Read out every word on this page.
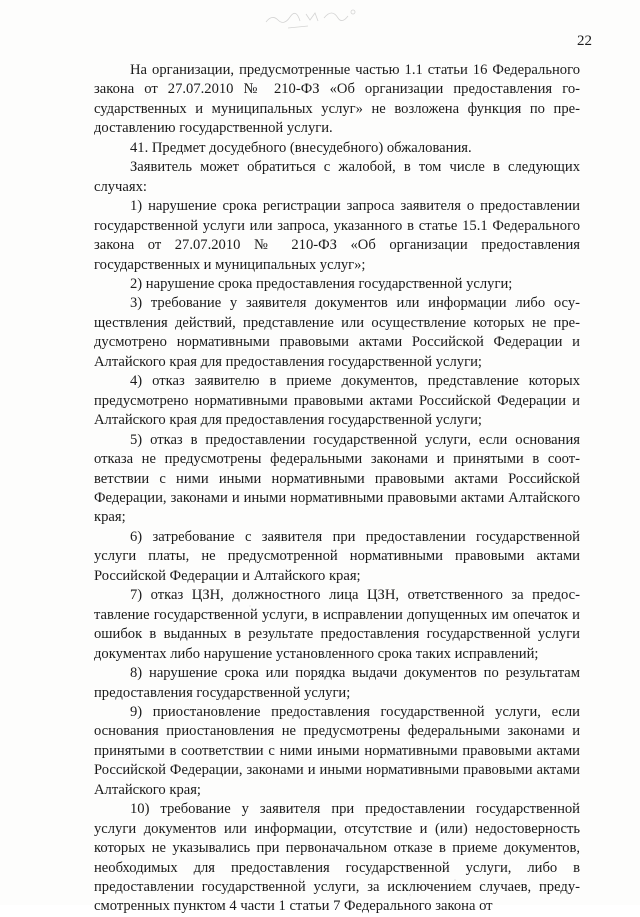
22

На организации, предусмотренные частью 1.1 статьи 16 Федерального закона от 27.07.2010 № 210-ФЗ «Об организации предоставления государственных и муниципальных услуг» не возложена функция по предоставлению государственной услуги.

41. Предмет досудебного (внесудебного) обжалования.

Заявитель может обратиться с жалобой, в том числе в следующих случаях:

1) нарушение срока регистрации запроса заявителя о предоставлении государственной услуги или запроса, указанного в статье 15.1 Федерального закона от 27.07.2010 № 210-ФЗ «Об организации предоставления государственных и муниципальных услуг»;

2) нарушение срока предоставления государственной услуги;

3) требование у заявителя документов или информации либо осуществления действий, представление или осуществление которых не предусмотрено нормативными правовыми актами Российской Федерации и Алтайского края для предоставления государственной услуги;

4) отказ заявителю в приеме документов, представление которых предусмотрено нормативными правовыми актами Российской Федерации и Алтайского края для предоставления государственной услуги;

5) отказ в предоставлении государственной услуги, если основания отказа не предусмотрены федеральными законами и принятыми в соответствии с ними иными нормативными правовыми актами Российской Федерации, законами и иными нормативными правовыми актами Алтайского края;

6) затребование с заявителя при предоставлении государственной услуги платы, не предусмотренной нормативными правовыми актами Российской Федерации и Алтайского края;

7) отказ ЦЗН, должностного лица ЦЗН, ответственного за предоставление государственной услуги, в исправлении допущенных им опечаток и ошибок в выданных в результате предоставления государственной услуги документах либо нарушение установленного срока таких исправлений;

8) нарушение срока или порядка выдачи документов по результатам предоставления государственной услуги;

9) приостановление предоставления государственной услуги, если основания приостановления не предусмотрены федеральными законами и принятыми в соответствии с ними иными нормативными правовыми актами Российской Федерации, законами и иными нормативными правовыми актами Алтайского края;

10) требование у заявителя при предоставлении государственной услуги документов или информации, отсутствие и (или) недостоверность которых не указывались при первоначальном отказе в приеме документов, необходимых для предоставления государственной услуги, либо в предоставлении государственной услуги, за исключением случаев, предусмотренных пунктом 4 части 1 статьи 7 Федерального закона от
